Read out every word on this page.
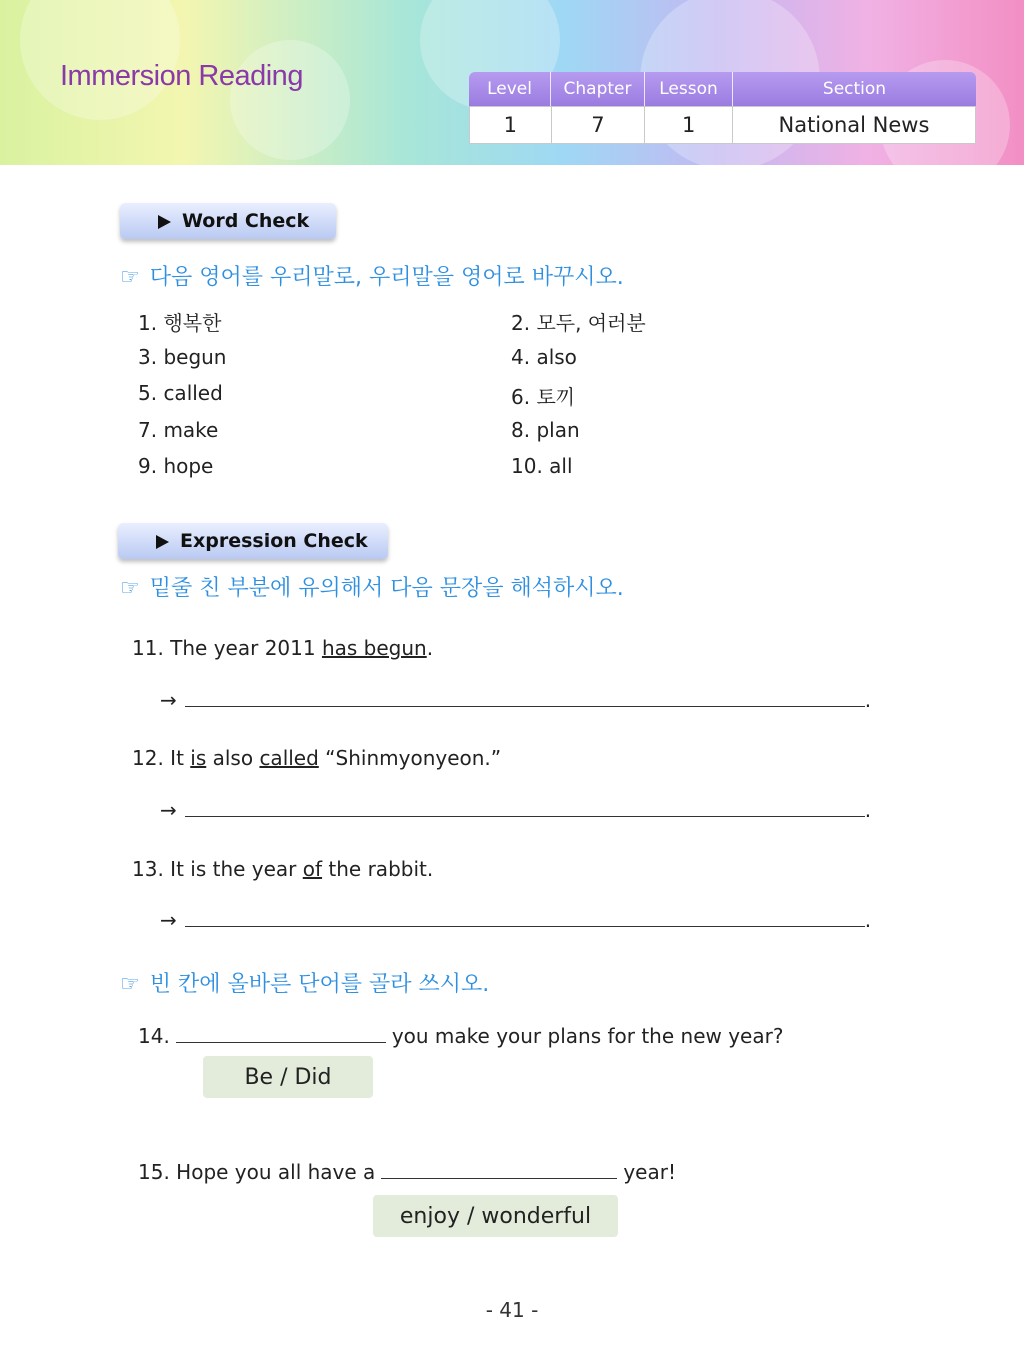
Immersion Reading	Level	Chapter	Lesson	Section
1	7	1	National News
Word Check
☞ 다음 영어를 우리말로, 우리말을 영어로 바꾸시오.
1. 행복한	2. 모두, 여러분
3. begun	4. also
5. called	6. 토끼
7. make	8. plan
9. hope	10. all
Expression Check
☞ 밑줄 친 부분에 유의해서 다음 문장을 해석하시오.
11. The year 2011 has begun.
→	.
12. It is also called “Shinmyonyeon.”
→	.
13. It is the year of the rabbit.
→	.
☞ 빈 칸에 올바른 단어를 골라 쓰시오.
14.	you make your plans for the new year?
Be / Did
15. Hope you all have a	year!
enjoy / wonderful
- 41 -
